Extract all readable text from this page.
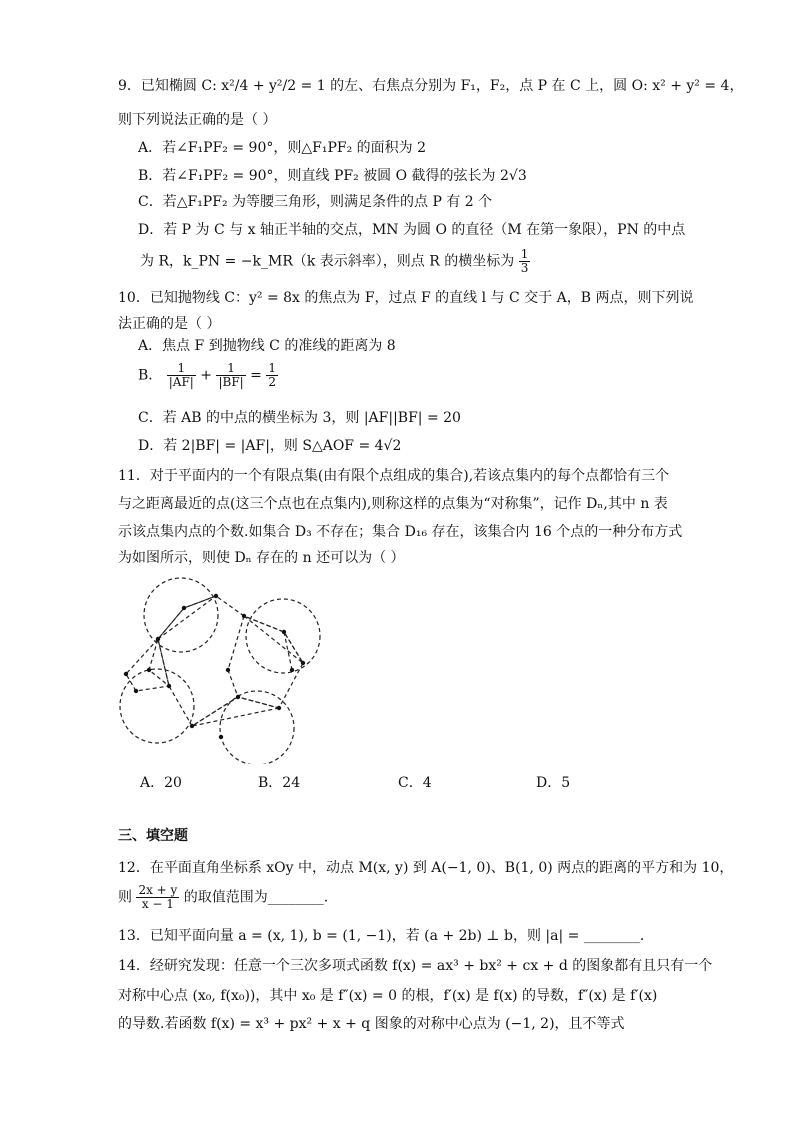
9．已知椭圆 C: x²/4 + y²/2 = 1 的左、右焦点分别为 F₁，F₂，点 P 在 C 上，圆 O: x² + y² = 4，
则下列说法正确的是（ ）
A．若∠F₁PF₂ = 90°，则△F₁PF₂ 的面积为 2
B．若∠F₁PF₂ = 90°，则直线 PF₂ 被圆 O 截得的弦长为 2√3
C．若△F₁PF₂ 为等腰三角形，则满足条件的点 P 有 2 个
D．若 P 为 C 与 x 轴正半轴的交点，MN 为圆 O 的直径（M 在第一象限），PN 的中点
为 R，k_PN = −k_MR（k 表示斜率），则点 R 的横坐标为 $\frac{1}{3}$
10．已知抛物线 C：y² = 8x 的焦点为 F，过点 F 的直线 l 与 C 交于 A，B 两点，则下列说
法正确的是（ ）
A．焦点 F 到抛物线 C 的准线的距离为 8
B． $\frac{1}{|AF|} + \frac{1}{|BF|} = \frac{1}{2}$
C．若 AB 的中点的横坐标为 3，则 |AF||BF| = 20
D．若 2|BF| = |AF|，则 S△AOF = 4√2
11．对于平面内的一个有限点集(由有限个点组成的集合),若该点集内的每个点都恰有三个
与之距离最近的点(这三个点也在点集内),则称这样的点集为“对称集”，记作 Dₙ,其中 n 表
示该点集内点的个数.如集合 D₃ 不存在；集合 D₁₆ 存在，该集合内 16 个点的一种分布方式
为如图所示，则使 Dₙ 存在的 n 还可以为（ ）
A．20	B．24	C．4	D．5
三、填空题
12．在平面直角坐标系 xOy 中，动点 M(x, y) 到 A(−1, 0)、B(1, 0) 两点的距离的平方和为 10，
则 $\frac{2x + y}{x - 1}$ 的取值范围为________.
13．已知平面向量 a = (x, 1), b = (1, −1)，若 (a + 2b) ⊥ b，则 |a| = ________.
14．经研究发现：任意一个三次多项式函数 f(x) = ax³ + bx² + cx + d 的图象都有且只有一个
对称中心点 (x₀, f(x₀))，其中 x₀ 是 f″(x) = 0 的根，f′(x) 是 f(x) 的导数，f″(x) 是 f′(x)
的导数.若函数 f(x) = x³ + px² + x + q 图象的对称中心点为 (−1, 2)，且不等式
